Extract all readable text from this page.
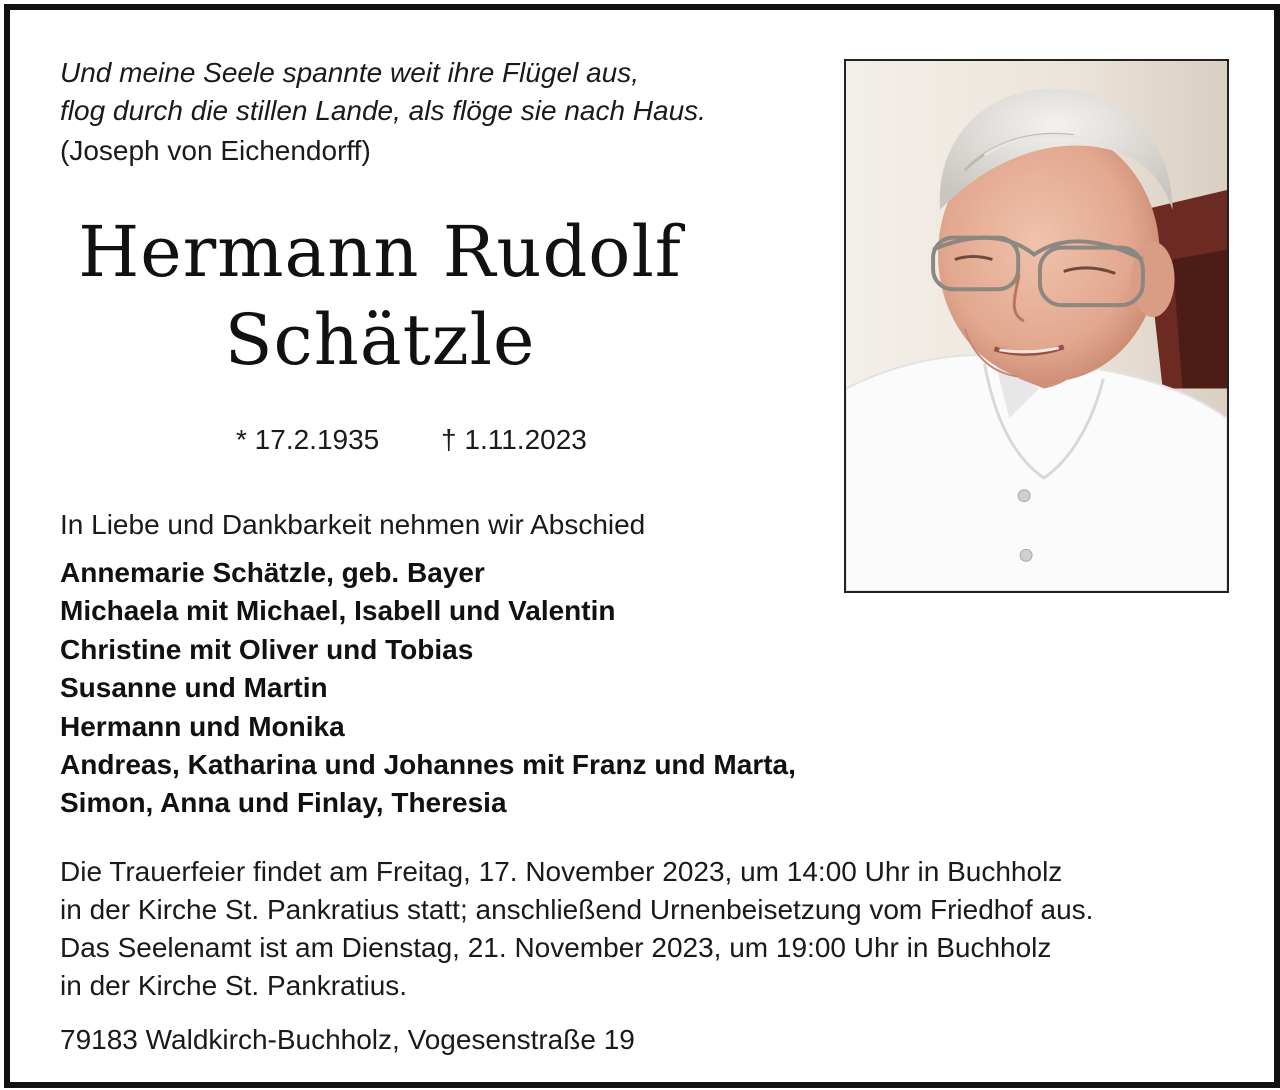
Und meine Seele spannte weit ihre Flügel aus,
flog durch die stillen Lande, als flöge sie nach Haus.
(Joseph von Eichendorff)
Hermann Rudolf
Schätzle
* 17.2.1935 † 1.11.2023
In Liebe und Dankbarkeit nehmen wir Abschied
Annemarie Schätzle, geb. Bayer
Michaela mit Michael, Isabell und Valentin
Christine mit Oliver und Tobias
Susanne und Martin
Hermann und Monika
Andreas, Katharina und Johannes mit Franz und Marta,
Simon, Anna und Finlay, Theresia
Die Trauerfeier findet am Freitag, 17. November 2023, um 14:00 Uhr in Buchholz
in der Kirche St. Pankratius statt; anschließend Urnenbeisetzung vom Friedhof aus.
Das Seelenamt ist am Dienstag, 21. November 2023, um 19:00 Uhr in Buchholz
in der Kirche St. Pankratius.
79183 Waldkirch-Buchholz, Vogesenstraße 19
